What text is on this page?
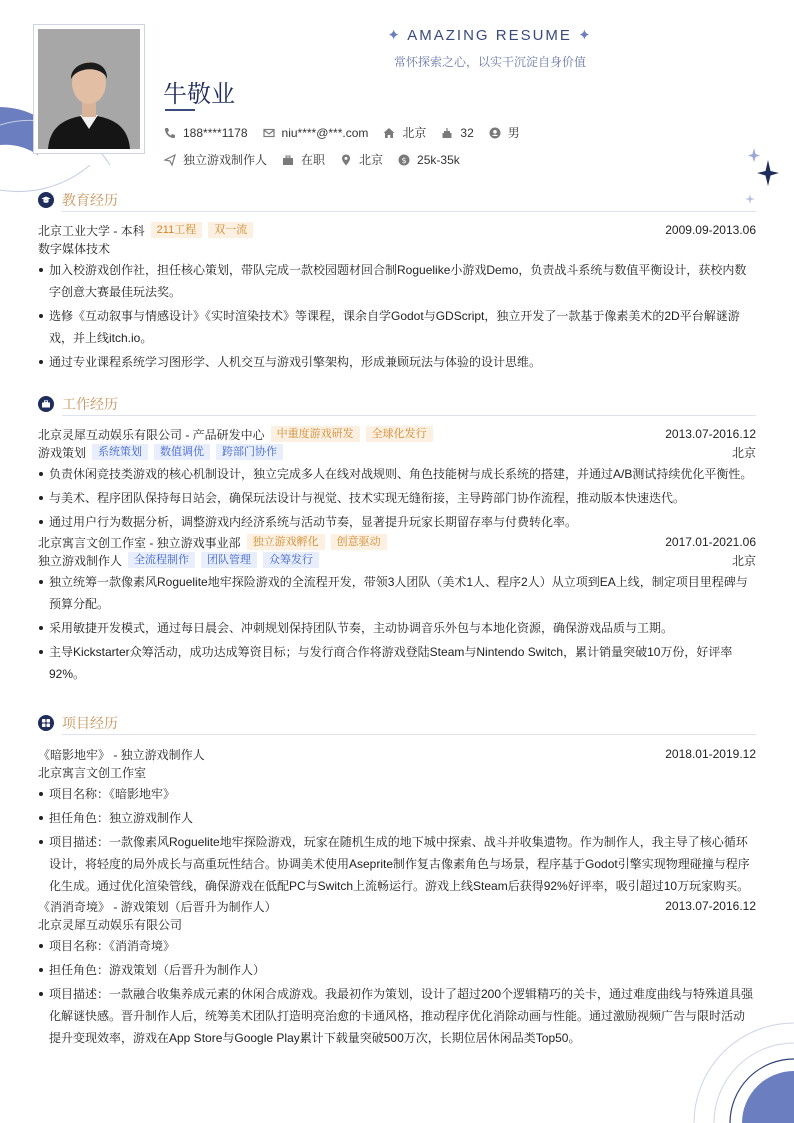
✦ AMAZING RESUME ✦
常怀探索之心，以实干沉淀自身价值
牛敬业
188****1178	niu****@***.com	北京	32	男
独立游戏制作人	在职	北京 $ 25k-35k
教育经历
北京工业大学 - 本科	211工程	双一流	2009.09-2013.06
数字媒体技术
加入校游戏创作社，担任核心策划，带队完成一款校园题材回合制Roguelike小游戏Demo，负责战斗系统与数值平衡设计，获校内数字创意大赛最佳玩法奖。
选修《互动叙事与情感设计》《实时渲染技术》等课程，课余自学Godot与GDScript，独立开发了一款基于像素美术的2D平台解谜游戏，并上线itch.io。
通过专业课程系统学习图形学、人机交互与游戏引擎架构，形成兼顾玩法与体验的设计思维。
工作经历
北京灵犀互动娱乐有限公司 - 产品研发中心	中重度游戏研发	全球化发行	2013.07-2016.12
游戏策划	系统策划	数值调优	跨部门协作	北京
负责休闲竞技类游戏的核心机制设计，独立完成多人在线对战规则、角色技能树与成长系统的搭建，并通过A/B测试持续优化平衡性。
与美术、程序团队保持每日站会，确保玩法设计与视觉、技术实现无缝衔接，主导跨部门协作流程，推动版本快速迭代。
通过用户行为数据分析，调整游戏内经济系统与活动节奏，显著提升玩家长期留存率与付费转化率。
北京寓言文创工作室 - 独立游戏事业部	独立游戏孵化	创意驱动	2017.01-2021.06
独立游戏制作人	全流程制作	团队管理	众筹发行	北京
独立统筹一款像素风Roguelite地牢探险游戏的全流程开发，带领3人团队（美术1人、程序2人）从立项到EA上线，制定项目里程碑与预算分配。
采用敏捷开发模式，通过每日晨会、冲刺规划保持团队节奏，主动协调音乐外包与本地化资源，确保游戏品质与工期。
主导Kickstarter众筹活动，成功达成筹资目标；与发行商合作将游戏登陆Steam与Nintendo Switch，累计销量突破10万份，好评率92%。
项目经历
《暗影地牢》 - 独立游戏制作人	2018.01-2019.12
北京寓言文创工作室
项目名称：《暗影地牢》
担任角色：独立游戏制作人
项目描述：一款像素风Roguelite地牢探险游戏，玩家在随机生成的地下城中探索、战斗并收集遗物。作为制作人，我主导了核心循环设计，将轻度的局外成长与高重玩性结合。协调美术使用Aseprite制作复古像素角色与场景，程序基于Godot引擎实现物理碰撞与程序化生成。通过优化渲染管线，确保游戏在低配PC与Switch上流畅运行。游戏上线Steam后获得92%好评率，吸引超过10万玩家购买。
《消消奇境》 - 游戏策划（后晋升为制作人）	2013.07-2016.12
北京灵犀互动娱乐有限公司
项目名称：《消消奇境》
担任角色：游戏策划（后晋升为制作人）
项目描述：一款融合收集养成元素的休闲合成游戏。我最初作为策划，设计了超过200个逻辑精巧的关卡，通过难度曲线与特殊道具强化解谜快感。晋升制作人后，统筹美术团队打造明亮治愈的卡通风格，推动程序优化消除动画与性能。通过激励视频广告与限时活动提升变现效率，游戏在App Store与Google Play累计下载量突破500万次，长期位居休闲品类Top50。
